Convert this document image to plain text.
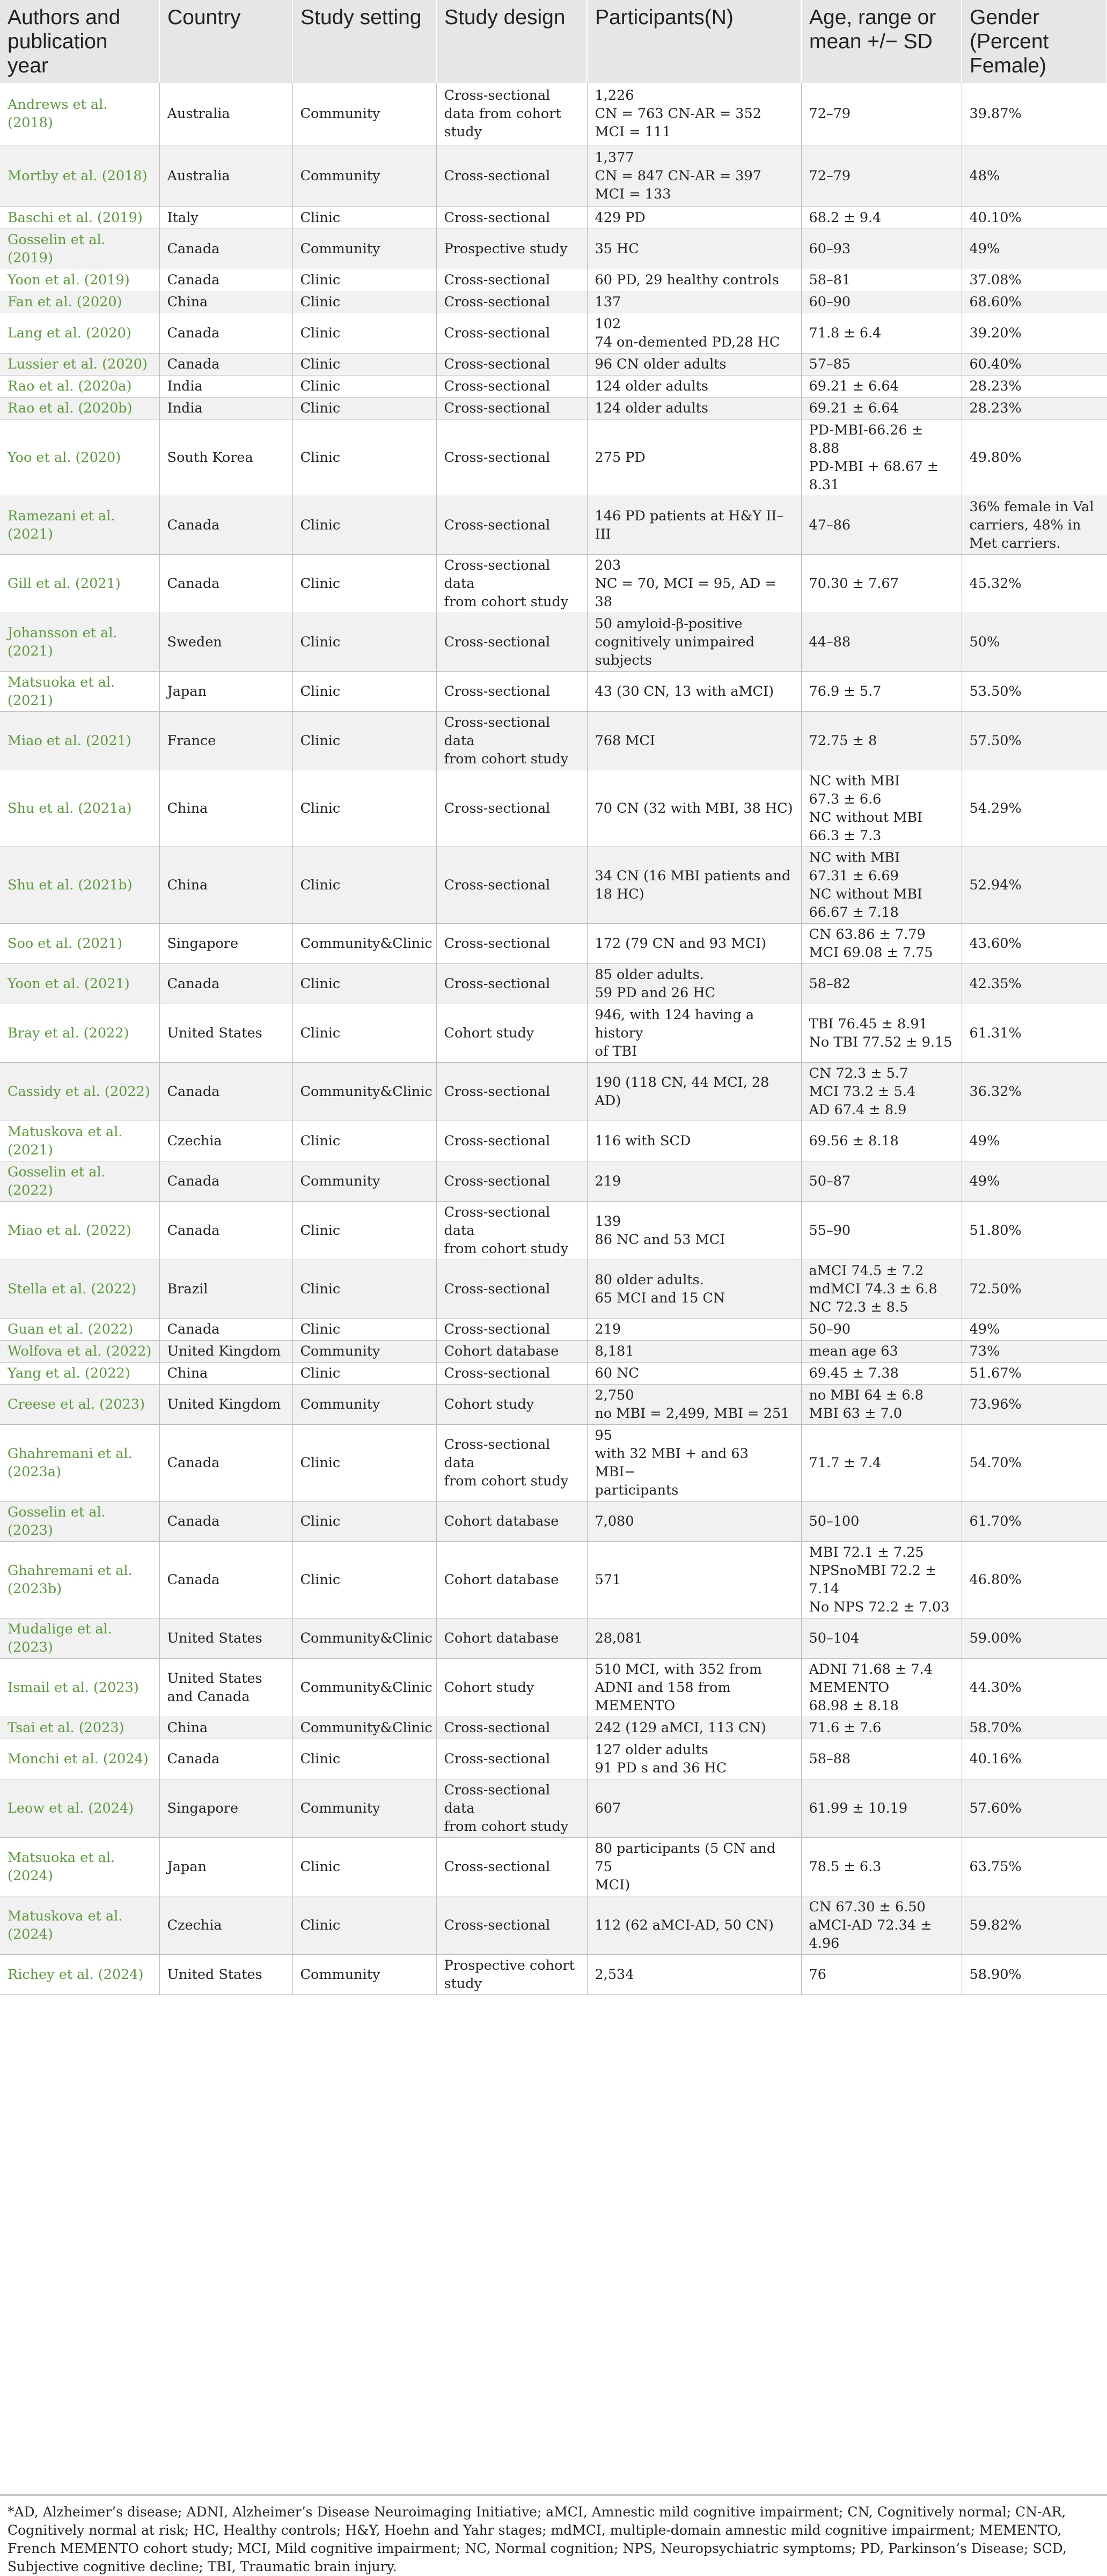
Authors and publication year	Country	Study setting	Study design	Participants(N)	Age, range or mean +/− SD	Gender (Percent Female)
Andrews et al. (2018)	Australia	Community	Cross-sectional data from cohort study	1,226
CN = 763 CN-AR = 352
MCI = 111	72–79	39.87%
Mortby et al. (2018)	Australia	Community	Cross-sectional	1,377
CN = 847 CN-AR = 397
MCI = 133	72–79	48%
Baschi et al. (2019)	Italy	Clinic	Cross-sectional	429 PD	68.2 ± 9.4	40.10%
Gosselin et al. (2019)	Canada	Community	Prospective study	35 HC	60–93	49%
Yoon et al. (2019)	Canada	Clinic	Cross-sectional	60 PD, 29 healthy controls	58–81	37.08%
Fan et al. (2020)	China	Clinic	Cross-sectional	137	60–90	68.60%
Lang et al. (2020)	Canada	Clinic	Cross-sectional	102
74 on-demented PD,28 HC	71.8 ± 6.4	39.20%
Lussier et al. (2020)	Canada	Clinic	Cross-sectional	96 CN older adults	57–85	60.40%
Rao et al. (2020a)	India	Clinic	Cross-sectional	124 older adults	69.21 ± 6.64	28.23%
Rao et al. (2020b)	India	Clinic	Cross-sectional	124 older adults	69.21 ± 6.64	28.23%
Yoo et al. (2020)	South Korea	Clinic	Cross-sectional	275 PD	PD-MBI-66.26 ± 8.88
PD-MBI + 68.67 ± 8.31	49.80%

Ramezani et al.
(2021)	Canada	Clinic	Cross-sectional	146 PD patients at H&Y II–III	47–86	36% female in Val
carriers, 48% in
Met carriers.

Gill et al. (2021)	Canada	Clinic	Cross-sectional data
from cohort study	203
NC = 70, MCI = 95, AD = 38	70.30 ± 7.67	45.32%

Johansson et al.
(2021)	Sweden	Clinic	Cross-sectional	50 amyloid-β-positive
cognitively unimpaired
subjects	44–88	50%
Matsuoka et al. (2021)	Japan	Clinic	Cross-sectional	43 (30 CN, 13 with aMCI)	76.9 ± 5.7	53.50%
Miao et al. (2021)	France	Clinic	Cross-sectional data
from cohort study	768 MCI	72.75 ± 8	57.50%
Shu et al. (2021a)	China	Clinic	Cross-sectional	70 CN (32 with MBI, 38 HC)	NC with MBI
67.3 ± 6.6
NC without MBI
66.3 ± 7.3	54.29%
Shu et al. (2021b)	China	Clinic	Cross-sectional	34 CN (16 MBI patients and
18 HC)	NC with MBI
67.31 ± 6.69
NC without MBI
66.67 ± 7.18	52.94%
Soo et al. (2021)	Singapore	Community&Clinic	Cross-sectional	172 (79 CN and 93 MCI)	CN 63.86 ± 7.79
MCI 69.08 ± 7.75	43.60%
Yoon et al. (2021)	Canada	Clinic	Cross-sectional	85 older adults.
59 PD and 26 HC	58–82	42.35%
Bray et al. (2022)	United States	Clinic	Cohort study	946, with 124 having a history
of TBI	TBI 76.45 ± 8.91
No TBI 77.52 ± 9.15	61.31%
Cassidy et al. (2022)	Canada	Community&Clinic	Cross-sectional	190 (118 CN, 44 MCI, 28 AD)	CN 72.3 ± 5.7
MCI 73.2 ± 5.4
AD 67.4 ± 8.9	36.32%

Matuskova et al.
(2021)	Czechia	Clinic	Cross-sectional	116 with SCD	69.56 ± 8.18	49%
Gosselin et al. (2022)	Canada	Community	Cross-sectional	219	50–87	49%
Miao et al. (2022)	Canada	Clinic	Cross-sectional data
from cohort study	139
86 NC and 53 MCI	55–90	51.80%
Stella et al. (2022)	Brazil	Clinic	Cross-sectional	80 older adults.
65 MCI and 15 CN	aMCI 74.5 ± 7.2
mdMCI 74.3 ± 6.8
NC 72.3 ± 8.5	72.50%
Guan et al. (2022)	Canada	Clinic	Cross-sectional	219	50–90	49%
Wolfova et al. (2022)	United Kingdom	Community	Cohort database	8,181	mean age 63	73%
Yang et al. (2022)	China	Clinic	Cross-sectional	60 NC	69.45 ± 7.38	51.67%
Creese et al. (2023)	United Kingdom	Community	Cohort study	2,750
no MBI = 2,499, MBI = 251	no MBI 64 ± 6.8
MBI 63 ± 7.0	73.96%

Ghahremani et al.
(2023a)	Canada	Clinic	Cross-sectional data
from cohort study	95
with 32 MBI + and 63 MBI−
participants	71.7 ± 7.4	54.70%
Gosselin et al. (2023)	Canada	Clinic	Cohort database	7,080	50–100	61.70%

Ghahremani et al.
(2023b)	Canada	Clinic	Cohort database	571	MBI 72.1 ± 7.25
NPSnoMBI 72.2 ± 7.14
No NPS 72.2 ± 7.03	46.80%
Mudalige et al. (2023)	United States	Community&Clinic	Cohort database	28,081	50–104	59.00%
Ismail et al. (2023)	United States
and Canada	Community&Clinic	Cohort study	510 MCI, with 352 from
ADNI and 158 from
MEMENTO	ADNI 71.68 ± 7.4
MEMENTO
68.98 ± 8.18	44.30%
Tsai et al. (2023)	China	Community&Clinic	Cross-sectional	242 (129 aMCI, 113 CN)	71.6 ± 7.6	58.70%
Monchi et al. (2024)	Canada	Clinic	Cross-sectional	127 older adults
91 PD s and 36 HC	58–88	40.16%
Leow et al. (2024)	Singapore	Community	Cross-sectional data
from cohort study	607	61.99 ± 10.19	57.60%
Matsuoka et al. (2024)	Japan	Clinic	Cross-sectional	80 participants (5 CN and 75
MCI)	78.5 ± 6.3	63.75%

Matuskova et al.
(2024)	Czechia	Clinic	Cross-sectional	112 (62 aMCI-AD, 50 CN)	CN 67.30 ± 6.50
aMCI-AD 72.34 ± 4.96	59.82%
Richey et al. (2024)	United States	Community	Prospective cohort
study	2,534	76	58.90%
*AD, Alzheimer’s disease; ADNI, Alzheimer’s Disease Neuroimaging Initiative; aMCI, Amnestic mild cognitive impairment; CN, Cognitively normal; CN-AR, Cognitively normal at risk; HC, Healthy controls; H&Y, Hoehn and Yahr stages; mdMCI, multiple-domain amnestic mild cognitive impairment; MEMENTO, French MEMENTO cohort study; MCI, Mild cognitive impairment; NC, Normal cognition; NPS, Neuropsychiatric symptoms; PD, Parkinson’s Disease; SCD, Subjective cognitive decline; TBI, Traumatic brain injury.
